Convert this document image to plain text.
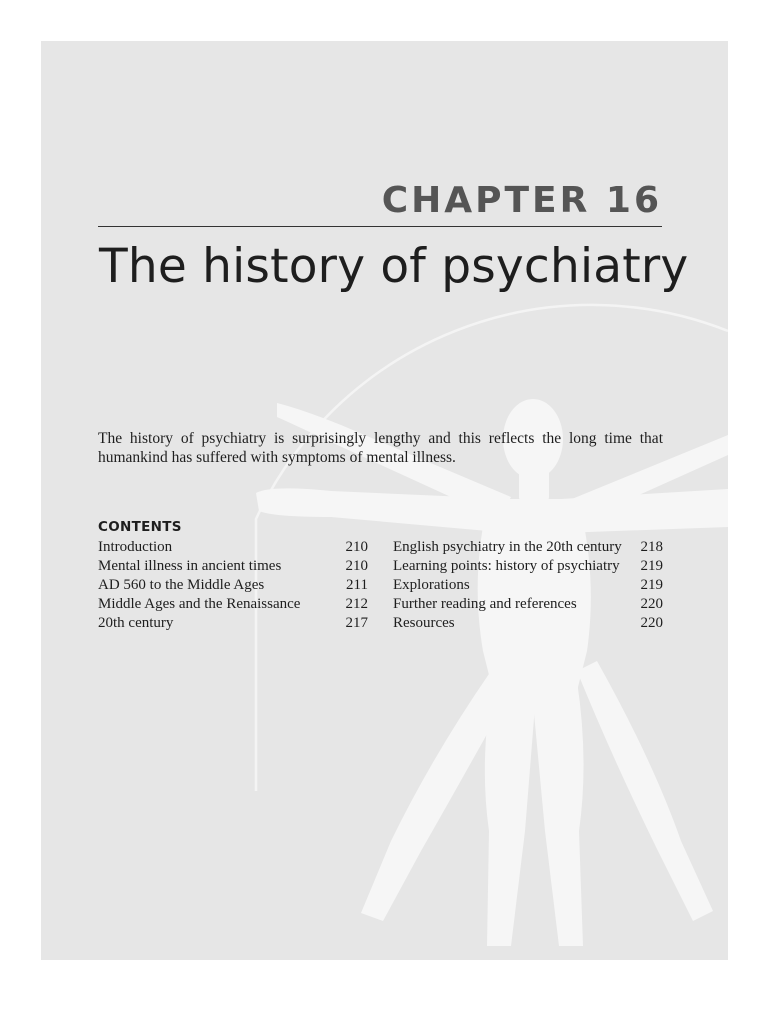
CHAPTER 16
The history of psychiatry

The history of psychiatry is surprisingly lengthy and this reflects the long time that humankind has suffered with symptoms of mental illness.

CONTENTS
Introduction	210
Mental illness in ancient times	210
AD 560 to the Middle Ages	211
Middle Ages and the Renaissance	212
20th century	217
English psychiatry in the 20th century 218
Learning points: history of psychiatry 219
Explorations	219
Further reading and references	220
Resources	220
